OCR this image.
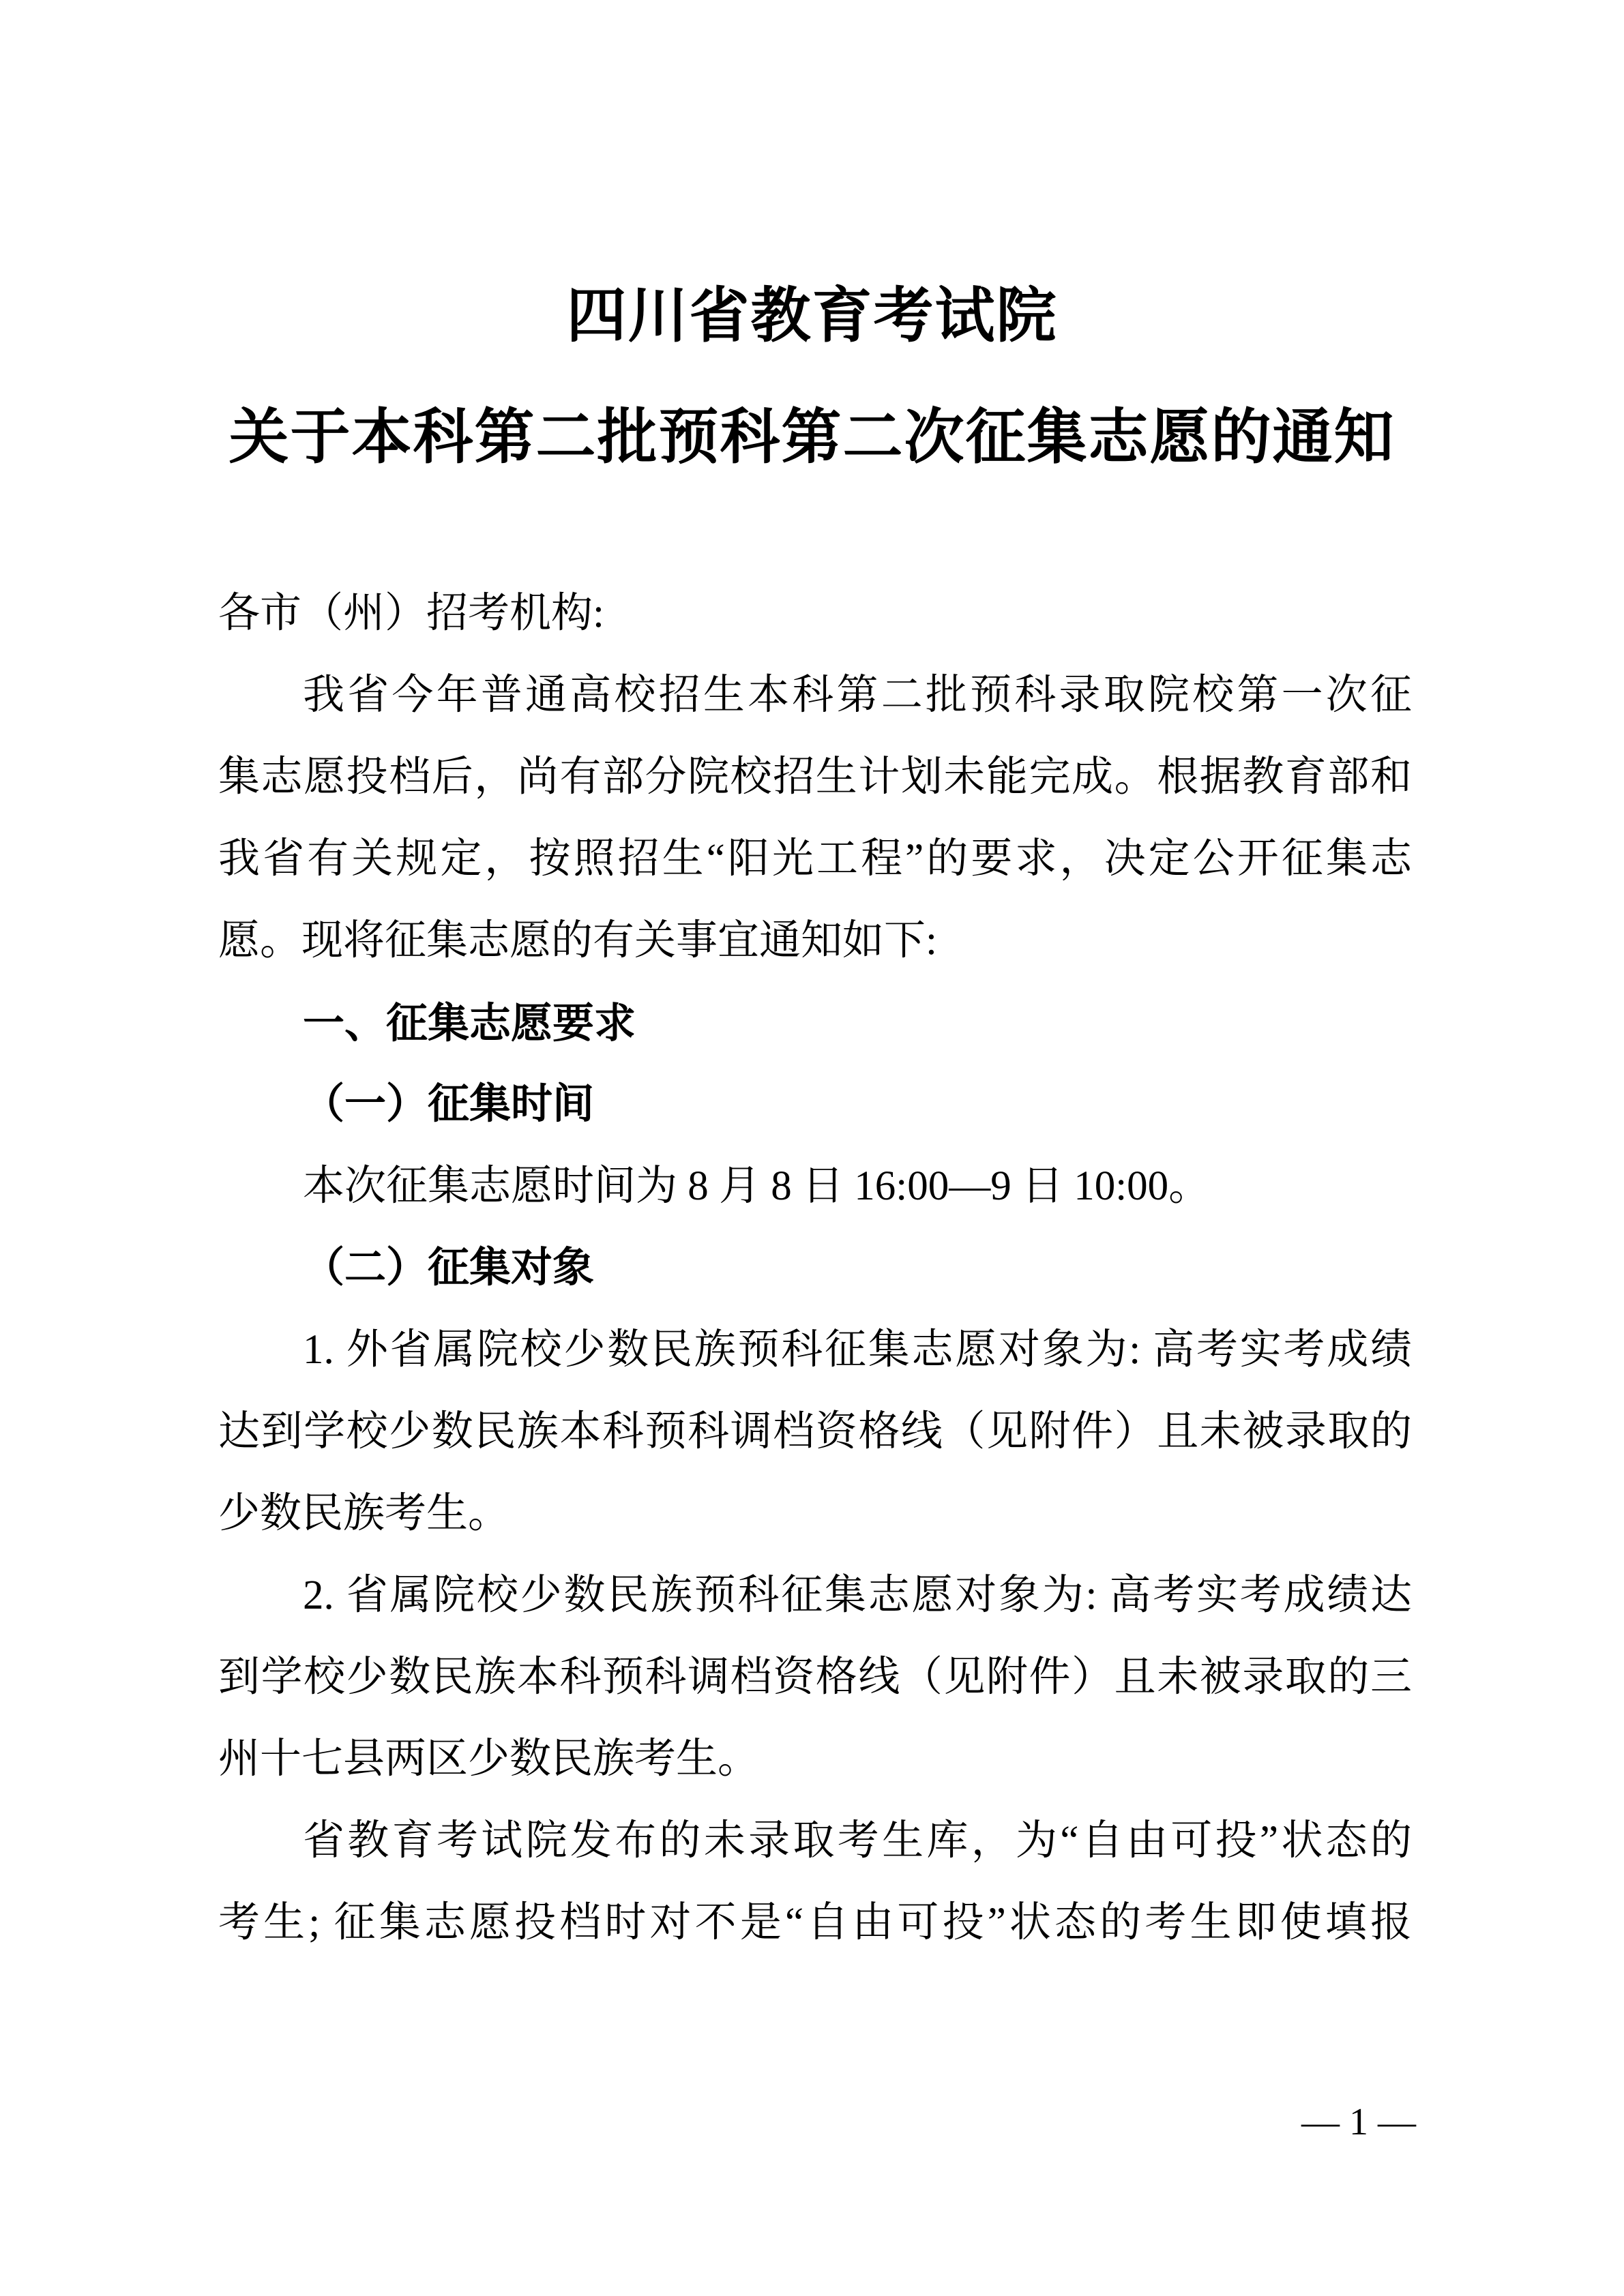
四川省教育考试院
关于本科第二批预科第二次征集志愿的通知
各市（州）招考机构:
我省今年普通高校招生本科第二批预科录取院校第一次征
集志愿投档后，尚有部分院校招生计划未能完成。根据教育部和
我省有关规定，按照招生“阳光工程”的要求，决定公开征集志
愿。现将征集志愿的有关事宜通知如下:
一、征集志愿要求
（一）征集时间
本次征集志愿时间为 8 月 8 日 16:00—9 日 10:00。
（二）征集对象
1. 外省属院校少数民族预科征集志愿对象为: 高考实考成绩
达到学校少数民族本科预科调档资格线（见附件）且未被录取的
少数民族考生。
2. 省属院校少数民族预科征集志愿对象为: 高考实考成绩达
到学校少数民族本科预科调档资格线（见附件）且未被录取的三
州十七县两区少数民族考生。
省教育考试院发布的未录取考生库，为“自由可投”状态的
考生; 征集志愿投档时对不是“自由可投”状态的考生即使填报
— 1 —
